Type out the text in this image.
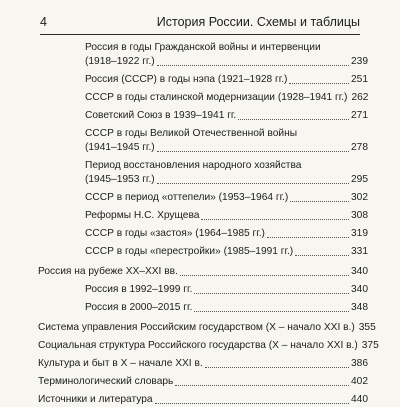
4	История России. Схемы и таблицы
Россия в годы Гражданской войны и интервенции
(1918–1922 гг.)	239
Россия (СССР) в годы нэпа (1921–1928 гг.)	251
СССР в годы сталинской модернизации (1928–1941 гг.) 262
Советский Союз в 1939–1941 гг.	271
СССР в годы Великой Отечественной войны
(1941–1945 гг.)	278
Период восстановления народного хозяйства
(1945–1953 гг.)	295
СССР в период «оттепели» (1953–1964 гг.)	302
Реформы Н.С. Хрущева	308
СССР в годы «застоя» (1964–1985 гг.)	319
СССР в годы «перестройки» (1985–1991 гг.)	331
Россия на рубеже XX–XXI вв.	340
Россия в 1992–1999 гг.	340
Россия в 2000–2015 гг.	348
Система управления Российским государством (X – начало XXI в.) 355
Социальная структура Российского государства (X – начало XXI в.) 375
Культура и быт в X – начале XXI в.	386
Терминологический словарь	402
Источники и литература	440
